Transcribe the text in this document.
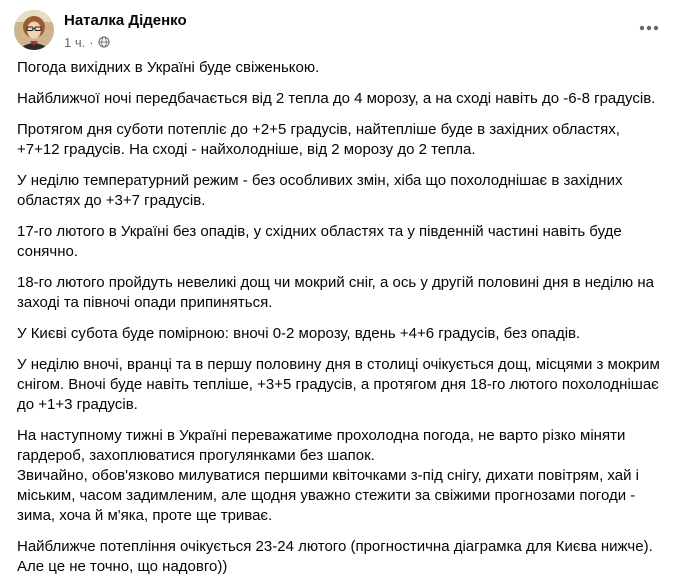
Наталка Діденко
1 ч. ·

Погода вихідних в Україні буде свіженькою.

Найближчої ночі передбачається від 2 тепла до 4 морозу, а на сході навіть до -6-8 градусів.

Протягом дня суботи потепліє до +2+5 градусів, найтепліше буде в західних областях, +7+12 градусів. На сході - найхолодніше, від 2 морозу до 2 тепла.

У неділю температурний режим - без особливих змін, хіба що похолоднішає в західних областях до +3+7 градусів.

17-го лютого в Україні без опадів, у східних областях та у південній частині навіть буде сонячно.

18-го лютого пройдуть невеликі дощ чи мокрий сніг, а ось у другій половині дня в неділю на заході та півночі опади припиняться.

У Києві субота буде помірною: вночі 0-2 морозу, вдень +4+6 градусів, без опадів.

У неділю вночі, вранці та в першу половину дня в столиці очікується дощ, місцями з мокрим снігом. Вночі буде навіть тепліше, +3+5 градусів, а протягом дня 18-го лютого похолоднішає до +1+3 градусів.

На наступному тижні в Україні переважатиме прохолодна погода, не варто різко міняти гардероб, захоплюватися прогулянками без шапок.

Звичайно, обов'язково милуватися першими квіточками з-під снігу, дихати повітрям, хай і міським, часом задимленим, але щодня уважно стежити за свіжими прогнозами погоди - зима, хоча й м'яка, проте ще триває.

Найближче потепління очікується 23-24 лютого (прогностична діаграмка для Києва нижче). Але це не точно, що надовго))
